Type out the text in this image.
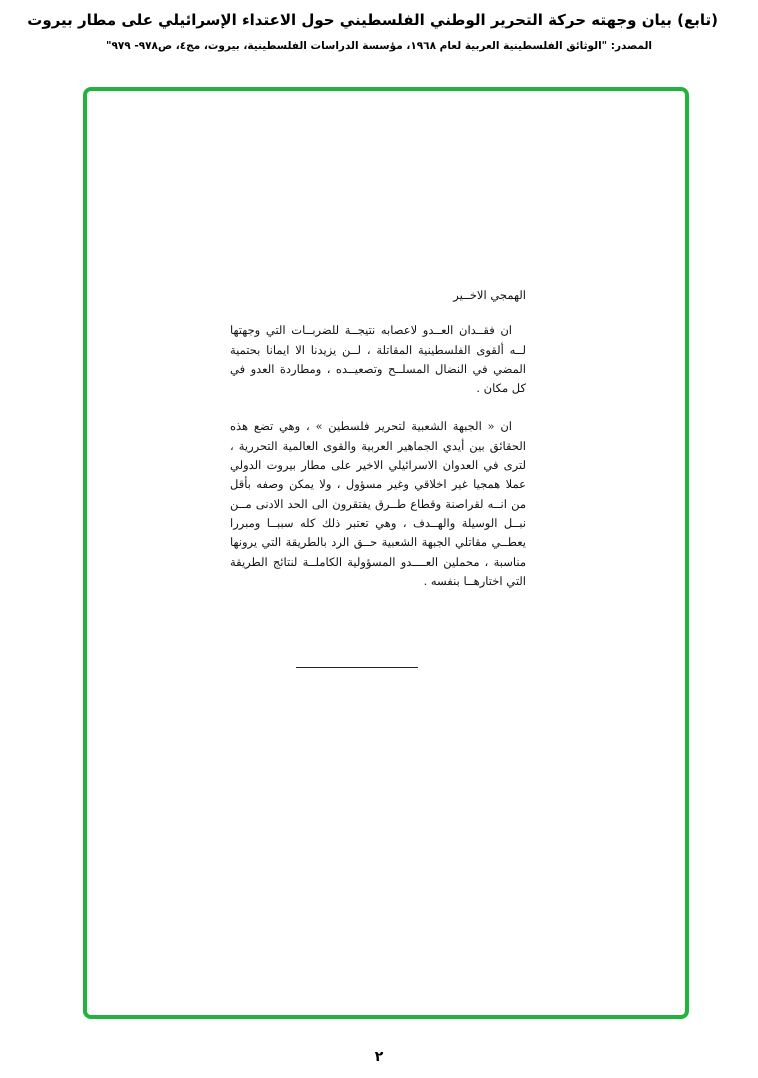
(تابع) بيان وجهته حركة التحرير الوطني الفلسطيني حول الاعتداء الإسرائيلي على مطار بيروت
المصدر: "الوثائق الفلسطينية العربية لعام ١٩٦٨، مؤسسة الدراسات الفلسطينية، بيروت، مج٤، ص٩٧٨- ٩٧٩"

الهمجي الاخــير

ان فقــدان العــدو لاعصابه نتيجــة للضربــات التي وجهتها لــه ألقوى الفلسطينية المقاتلة ، لــن يزيدنا الا ايمانا بحتمية المضي في النضال المسلــح وتصعيــده ، ومطاردة العدو في كل مكان .

ان « الجبهة الشعبية لتحرير فلسطين » ، وهي تضع هذه الحقائق بين أيدي الجماهير العربية والقوى العالمية التحررية ، لترى في العدوان الاسرائيلي الاخير على مطار بيروت الدولي عملا همجيا غير اخلاقي وغير مسؤول ، ولا يمكن وصفه بأقل من انــه لقراصنة وقطاع طــرق يفتقرون الى الحد الادنى مــن نبــل الوسيلة والهــدف ، وهي تعتبر ذلك كله سببــا ومبررا يعطــي مقاتلي الجبهة الشعبية حــق الرد بالطريقة التي يرونها مناسبة ، محملين العــــدو المسؤولية الكاملــة لنتائج الطريقة التي اختارهــا بنفسه .

٢
